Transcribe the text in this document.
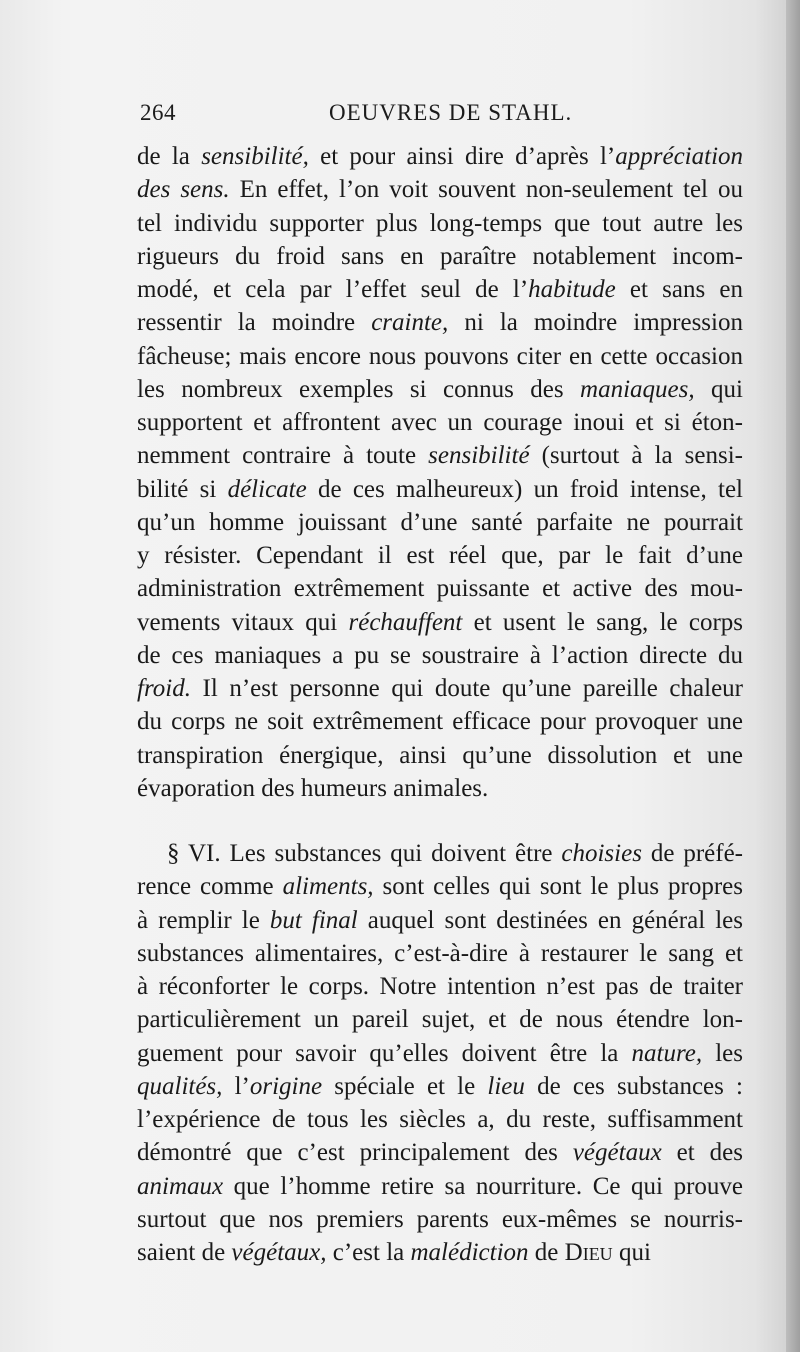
264	OEUVRES DE STAHL.
de la sensibilité, et pour ainsi dire d’après l’appréciation
des sens. En effet, l’on voit souvent non-seulement tel ou
tel individu supporter plus long-temps que tout autre les
rigueurs du froid sans en paraître notablement incom-
modé, et cela par l’effet seul de l’habitude et sans en
ressentir la moindre crainte, ni la moindre impression
fâcheuse; mais encore nous pouvons citer en cette occasion
les nombreux exemples si connus des maniaques, qui
supportent et affrontent avec un courage inoui et si éton-
nemment contraire à toute sensibilité (surtout à la sensi-
bilité si délicate de ces malheureux) un froid intense, tel
qu’un homme jouissant d’une santé parfaite ne pourrait
y résister. Cependant il est réel que, par le fait d’une
administration extrêmement puissante et active des mou-
vements vitaux qui réchauffent et usent le sang, le corps
de ces maniaques a pu se soustraire à l’action directe du
froid. Il n’est personne qui doute qu’une pareille chaleur
du corps ne soit extrêmement efficace pour provoquer une
transpiration énergique, ainsi qu’une dissolution et une
évaporation des humeurs animales.
§ VI. Les substances qui doivent être choisies de préfé-
rence comme aliments, sont celles qui sont le plus propres
à remplir le but final auquel sont destinées en général les
substances alimentaires, c’est-à-dire à restaurer le sang et
à réconforter le corps. Notre intention n’est pas de traiter
particulièrement un pareil sujet, et de nous étendre lon-
guement pour savoir qu’elles doivent être la nature, les
qualités, l’origine spéciale et le lieu de ces substances :
l’expérience de tous les siècles a, du reste, suffisamment
démontré que c’est principalement des végétaux et des
animaux que l’homme retire sa nourriture. Ce qui prouve
surtout que nos premiers parents eux-mêmes se nourris-
saient de végétaux, c’est la malédiction de Dieu qui
